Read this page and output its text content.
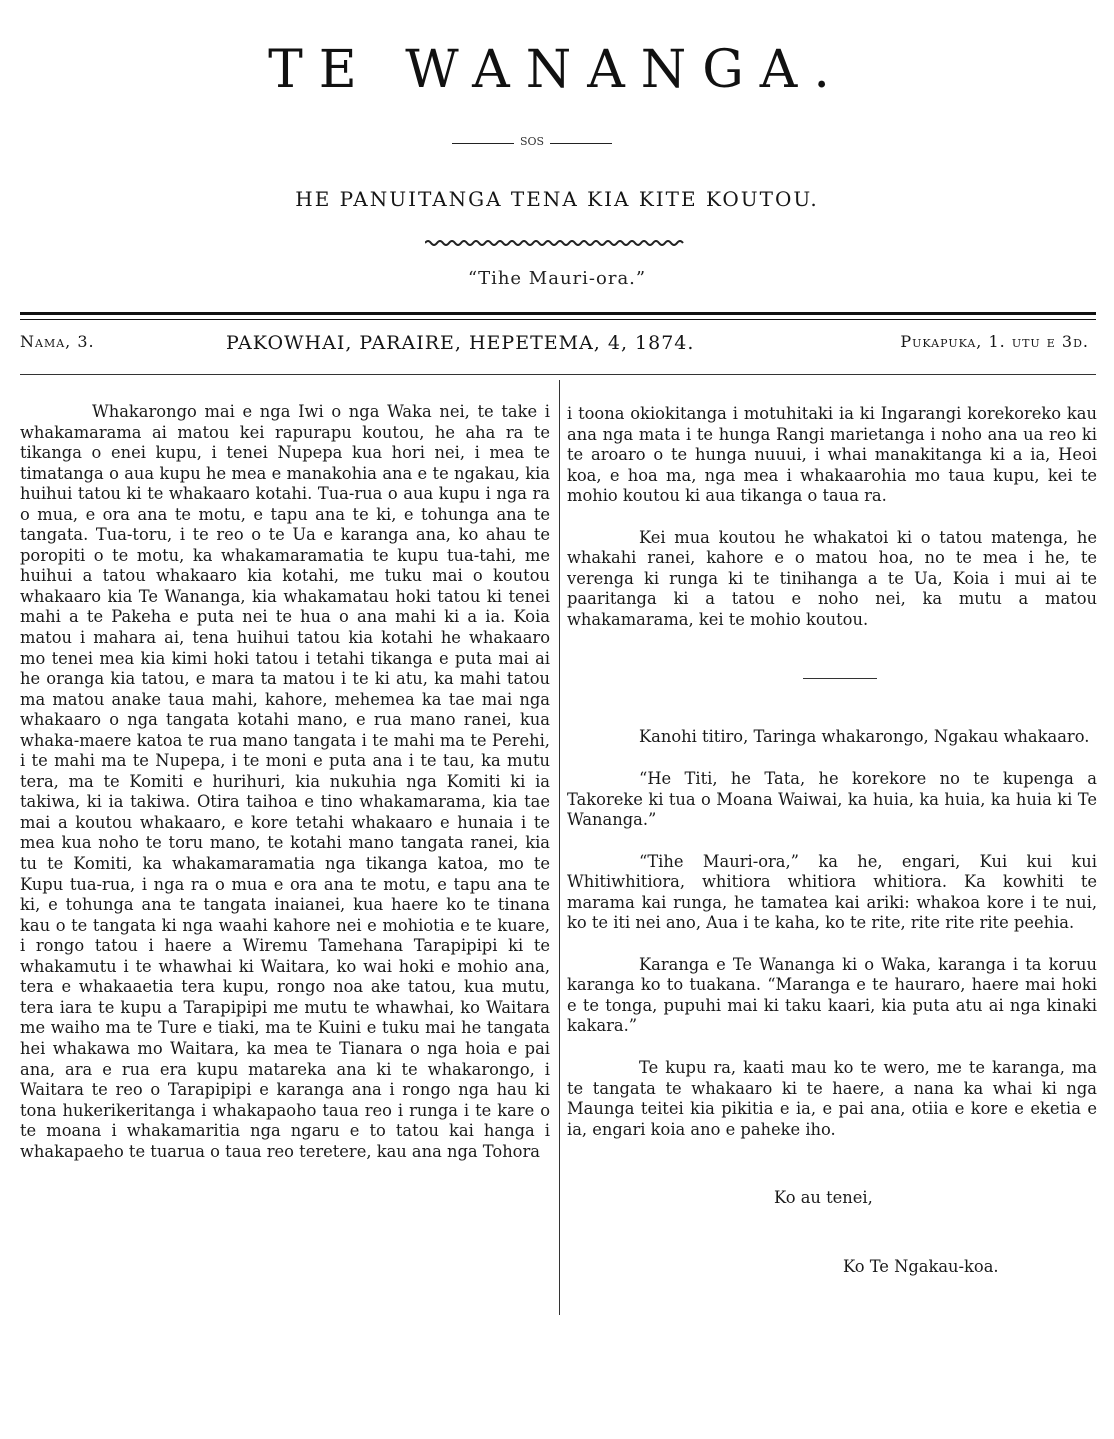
TE WANANGA.
SOS
HE PANUITANGA TENA KIA KITE KOUTOU.
“Tihe Mauri-ora.”
Nama, 3.	PAKOWHAI, PARAIRE, HEPETEMA, 4, 1874.	Pukapuka, 1. utu e 3d.

Whakarongo mai e nga Iwi o nga Waka nei, te take i whakamarama ai matou kei rapurapu koutou, he aha ra te tikanga o enei kupu, i tenei Nupepa kua hori nei, i mea te timatanga o aua kupu he mea e manakohia ana e te ngakau, kia huihui tatou ki te whakaaro kotahi. Tua-rua o aua kupu i nga ra o mua, e ora ana te motu, e tapu ana te ki, e tohunga ana te tangata. Tua-toru, i te reo o te Ua e karanga ana, ko ahau te poropiti o te motu, ka whakamaramatia te kupu tua-tahi, me huihui a tatou whakaaro kia kotahi, me tuku mai o koutou whakaaro kia Te Wananga, kia whakamatau hoki tatou ki tenei mahi a te Pakeha e puta nei te hua o ana mahi ki a ia. Koia matou i mahara ai, tena huihui tatou kia kotahi he whakaaro mo tenei mea kia kimi hoki tatou i tetahi tikanga e puta mai ai he oranga kia tatou, e mara ta matou i te ki atu, ka mahi tatou ma matou anake taua mahi, kahore, mehemea ka tae mai nga whakaaro o nga tangata kotahi mano, e rua mano ranei, kua whaka-maere katoa te rua mano tangata i te mahi ma te Perehi, i te mahi ma te Nupepa, i te moni e puta ana i te tau, ka mutu tera, ma te Komiti e hurihuri, kia nukuhia nga Komiti ki ia takiwa, ki ia takiwa. Otira taihoa e tino whakamarama, kia tae mai a koutou whakaaro, e kore tetahi whakaaro e hunaia i te mea kua noho te toru mano, te kotahi mano tangata ranei, kia tu te Komiti, ka whakamaramatia nga tikanga katoa, mo te Kupu tua-rua, i nga ra o mua e ora ana te motu, e tapu ana te ki, e tohunga ana te tangata inaianei, kua haere ko te tinana kau o te tangata ki nga waahi kahore nei e mohiotia e te kuare, i rongo tatou i haere a Wiremu Tamehana Tarapipipi ki te whakamutu i te whawhai ki Waitara, ko wai hoki e mohio ana, tera e whakaaetia tera kupu, rongo noa ake tatou, kua mutu, tera iara te kupu a Tarapipipi me mutu te whawhai, ko Waitara me waiho ma te Ture e tiaki, ma te Kuini e tuku mai he tangata hei whakawa mo Waitara, ka mea te Tianara o nga hoia e pai ana, ara e rua era kupu matareka ana ki te whakarongo, i Waitara te reo o Tarapipipi e karanga ana i rongo nga hau ki tona hukerikeritanga i whakapaoho taua reo i runga i te kare o te moana i whakamaritia nga ngaru e to tatou kai hanga i whakapaeho te tuarua o taua reo teretere, kau ana nga Tohora

i toona okiokitanga i motuhitaki ia ki Ingarangi korekoreko kau ana nga mata i te hunga Rangi marietanga i noho ana ua reo ki te aroaro o te hunga nuuui, i whai manakitanga ki a ia, Heoi koa, e hoa ma, nga mea i whakaarohia mo taua kupu, kei te mohio koutou ki aua tikanga o taua ra.

Kei mua koutou he whakatoi ki o tatou matenga, he whakahi ranei, kahore e o matou hoa, no te mea i he, te verenga ki runga ki te tinihanga a te Ua, Koia i mui ai te paaritanga ki a tatou e noho nei, ka mutu a matou whakamarama, kei te mohio koutou.

Kanohi titiro, Taringa whakarongo, Ngakau whakaaro.

“He Titi, he Tata, he korekore no te kupenga a Takoreke ki tua o Moana Waiwai, ka huia, ka huia, ka huia ki Te Wananga.”

“Tihe Mauri-ora,” ka he, engari, Kui kui kui Whitiwhitiora, whitiora whitiora whitiora. Ka kowhiti te marama kai runga, he tamatea kai ariki: whakoa kore i te nui, ko te iti nei ano, Aua i te kaha, ko te rite, rite rite rite peehia.

Karanga e Te Wananga ki o Waka, karanga i ta koruu karanga ko to tuakana. “Maranga e te hauraro, haere mai hoki e te tonga, pupuhi mai ki taku kaari, kia puta atu ai nga kinaki kakara.”

Te kupu ra, kaati mau ko te wero, me te karanga, ma te tangata te whakaaro ki te haere, a nana ka whai ki nga Maunga teitei kia pikitia e ia, e pai ana, otiia e kore e eketia e ia, engari koia ano e paheke iho.

Ko au tenei,

Ko Te Ngakau-koa.
